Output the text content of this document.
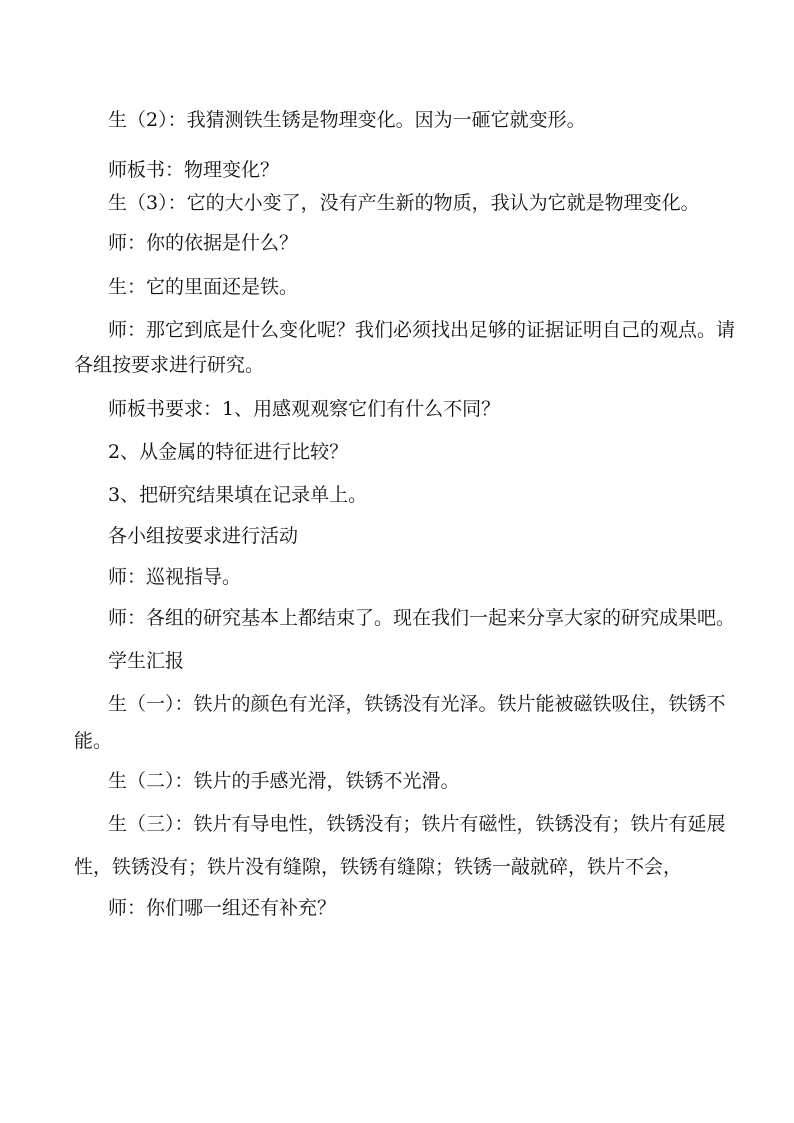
生（2）：我猜测铁生锈是物理变化。因为一砸它就变形。
师板书：物理变化？
生（3）：它的大小变了，没有产生新的物质，我认为它就是物理变化。
师：你的依据是什么？
生：它的里面还是铁。
师：那它到底是什么变化呢？我们必须找出足够的证据证明自己的观点。请
各组按要求进行研究。
师板书要求：1、用感观观察它们有什么不同？
2、从金属的特征进行比较？
3、把研究结果填在记录单上。
各小组按要求进行活动
师：巡视指导。
师：各组的研究基本上都结束了。现在我们一起来分享大家的研究成果吧。
学生汇报
生（一）：铁片的颜色有光泽，铁锈没有光泽。铁片能被磁铁吸住，铁锈不
能。
生（二）：铁片的手感光滑，铁锈不光滑。
生（三）：铁片有导电性，铁锈没有；铁片有磁性，铁锈没有；铁片有延展
性，铁锈没有；铁片没有缝隙，铁锈有缝隙；铁锈一敲就碎，铁片不会，
师：你们哪一组还有补充？
